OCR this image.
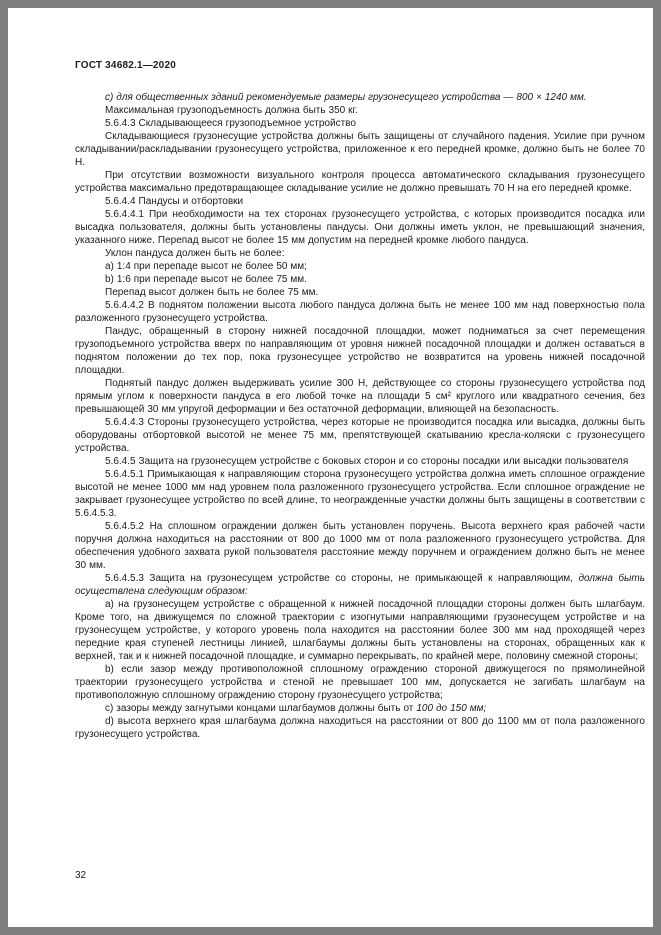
ГОСТ 34682.1—2020

c) для общественных зданий рекомендуемые размеры грузонесущего устройства — 800 × 1240 мм.

Максимальная грузоподъемность должна быть 350 кг.

5.6.4.3 Складывающееся грузоподъемное устройство

Складывающиеся грузонесущие устройства должны быть защищены от случайного падения. Усилие при ручном складывании/раскладывании грузонесущего устройства, приложенное к его передней кромке, должно быть не более 70 Н.

При отсутствии возможности визуального контроля процесса автоматического складывания грузонесущего устройства максимально предотвращающее складывание усилие не должно превышать 70 Н на его передней кромке.

5.6.4.4 Пандусы и отбортовки

5.6.4.4.1 При необходимости на тех сторонах грузонесущего устройства, с которых производится посадка или высадка пользователя, должны быть установлены пандусы. Они должны иметь уклон, не превышающий значения, указанного ниже. Перепад высот не более 15 мм допустим на передней кромке любого пандуса.

Уклон пандуса должен быть не более:

a) 1:4 при перепаде высот не более 50 мм;

b) 1:6 при перепаде высот не более 75 мм.

Перепад высот должен быть не более 75 мм.

5.6.4.4.2 В поднятом положении высота любого пандуса должна быть не менее 100 мм над поверхностью пола разложенного грузонесущего устройства.

Пандус, обращенный в сторону нижней посадочной площадки, может подниматься за счет перемещения грузоподъемного устройства вверх по направляющим от уровня нижней посадочной площадки и должен оставаться в поднятом положении до тех пор, пока грузонесущее устройство не возвратится на уровень нижней посадочной площадки.

Поднятый пандус должен выдерживать усилие 300 Н, действующее со стороны грузонесущего устройства под прямым углом к поверхности пандуса в его любой точке на площади 5 см² круглого или квадратного сечения, без превышающей 30 мм упругой деформации и без остаточной деформации, влияющей на безопасность.

5.6.4.4.3 Стороны грузонесущего устройства, через которые не производится посадка или высадка, должны быть оборудованы отбортовкой высотой не менее 75 мм, препятствующей скатыванию кресла-коляски с грузонесущего устройства.

5.6.4.5 Защита на грузонесущем устройстве с боковых сторон и со стороны посадки или высадки пользователя

5.6.4.5.1 Примыкающая к направляющим сторона грузонесущего устройства должна иметь сплошное ограждение высотой не менее 1000 мм над уровнем пола разложенного грузонесущего устройства. Если сплошное ограждение не закрывает грузонесущее устройство по всей длине, то неогражденные участки должны быть защищены в соответствии с 5.6.4.5.3.

5.6.4.5.2 На сплошном ограждении должен быть установлен поручень. Высота верхнего края рабочей части поручня должна находиться на расстоянии от 800 до 1000 мм от пола разложенного грузонесущего устройства. Для обеспечения удобного захвата рукой пользователя расстояние между поручнем и ограждением должно быть не менее 30 мм.

5.6.4.5.3 Защита на грузонесущем устройстве со стороны, не примыкающей к направляющим, должна быть осуществлена следующим образом:

a) на грузонесущем устройстве с обращенной к нижней посадочной площадки стороны должен быть шлагбаум. Кроме того, на движущемся по сложной траектории с изогнутыми направляющими грузонесущем устройстве и на грузонесущем устройстве, у которого уровень пола находится на расстоянии более 300 мм над проходящей через передние края ступеней лестницы линией, шлагбаумы должны быть установлены на сторонах, обращенных как к верхней, так и к нижней посадочной площадке, и суммарно перекрывать, по крайней мере, половину смежной стороны;

b) если зазор между противоположной сплошному ограждению стороной движущегося по прямолинейной траектории грузонесущего устройства и стеной не превышает 100 мм, допускается не загибать шлагбаум на противоположную сплошному ограждению сторону грузонесущего устройства;

c) зазоры между загнутыми концами шлагбаумов должны быть от 100 до 150 мм;

d) высота верхнего края шлагбаума должна находиться на расстоянии от 800 до 1100 мм от пола разложенного грузонесущего устройства.

32
